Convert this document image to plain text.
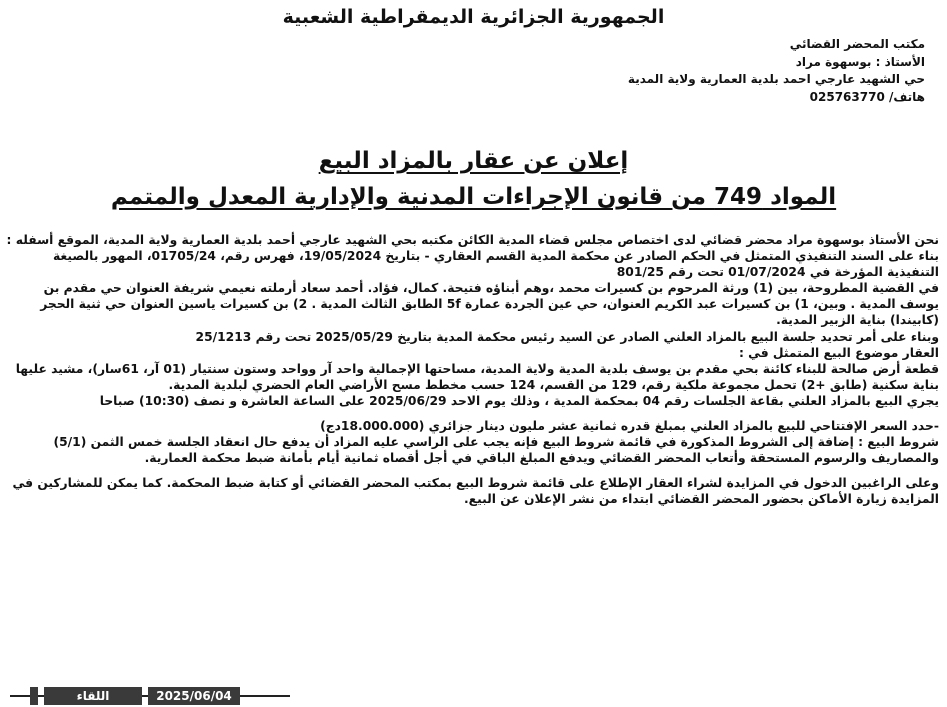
الجمهورية الجزائرية الديمقراطية الشعبية
مكتب المحضر القضائي
الأستاذ : بوسهوة مراد
حي الشهيد عارجي احمد بلدية العمارية ولاية المدية
هاتف/ 025763770
إعلان عن عقار بالمزاد البيع
المواد 749 من قانون الإجراءات المدنية والإدارية المعدل والمتمم

نحن الأستاذ بوسهوة مراد محضر قضائي لدى اختصاص مجلس قضاء المدية الكائن مكتبه بحي الشهيد عارجي أحمد بلدية العمارية ولاية المدية، الموقع أسفله :

بناء على السند التنفيذي المتمثل في الحكم الصادر عن محكمة المدية القسم العقاري - بتاريخ 19/05/2024، فهرس رقم، 01705/24، المهور بالصيغة التنفيذية المؤرخة في 01/07/2024 تحت رقم 801/25

في القضية المطروحة، بين (1) ورثة المرحوم بن كسيرات محمد ،وهم أبناؤه فتيحة. كمال، فؤاد. أحمد سعاد أرملته نعيمي شريفة العنوان حي مقدم بن يوسف المدية . وبين، 1) بن كسيرات عبد الكريم العنوان، حي عين الجردة عمارة 5f الطابق الثالث المدية . 2) بن كسيرات ياسين العنوان حي ثنية الحجر (كابيندا) بناية الزبير المدية.

وبناء على أمر تحديد جلسة البيع بالمزاد العلني الصادر عن السيد رئيس محكمة المدية بتاريخ 2025/05/29 تحت رقم 25/1213

العقار موضوع البيع المتمثل في :

قطعة أرض صالحة للبناء كائنة بحي مقدم بن يوسف بلدية المدية ولاية المدية، مساحتها الإجمالية واحد آر وواحد وستون سنتيار (01 آر، 61سار)، مشيد عليها بناية سكنية (طابق +2) تحمل مجموعة ملكية رقم، 129 من القسم، 124 حسب مخطط مسح الأراضي العام الحضري لبلدية المدية.

يجري البيع بالمزاد العلني بقاعة الجلسات رقم 04 بمحكمة المدية ، وذلك يوم الاحد 2025/06/29 على الساعة العاشرة و نصف (10:30) صباحا

-حدد السعر الإفتتاحي للبيع بالمزاد العلني بمبلغ قدره ثمانية عشر مليون دينار جزائري (18.000.000دج)

شروط البيع : إضافة إلى الشروط المذكورة في قائمة شروط البيع فإنه يجب على الراسي عليه المزاد أن يدفع حال انعقاد الجلسة خمس الثمن (5/1) والمصاريف والرسوم المستحقة وأتعاب المحضر القضائي ويدفع المبلغ الباقي في أجل أقصاه ثمانية أيام بأمانة ضبط محكمة العمارية.

وعلى الراغبين الدخول في المزايدة لشراء العقار الإطلاع على قائمة شروط البيع بمكتب المحضر القضائي أو كتابة ضبط المحكمة. كما يمكن للمشاركين في المزايدة زيارة الأماكن بحضور المحضر القضائي ابتداء من نشر الإعلان عن البيع.

اللقاء	2025/06/04
